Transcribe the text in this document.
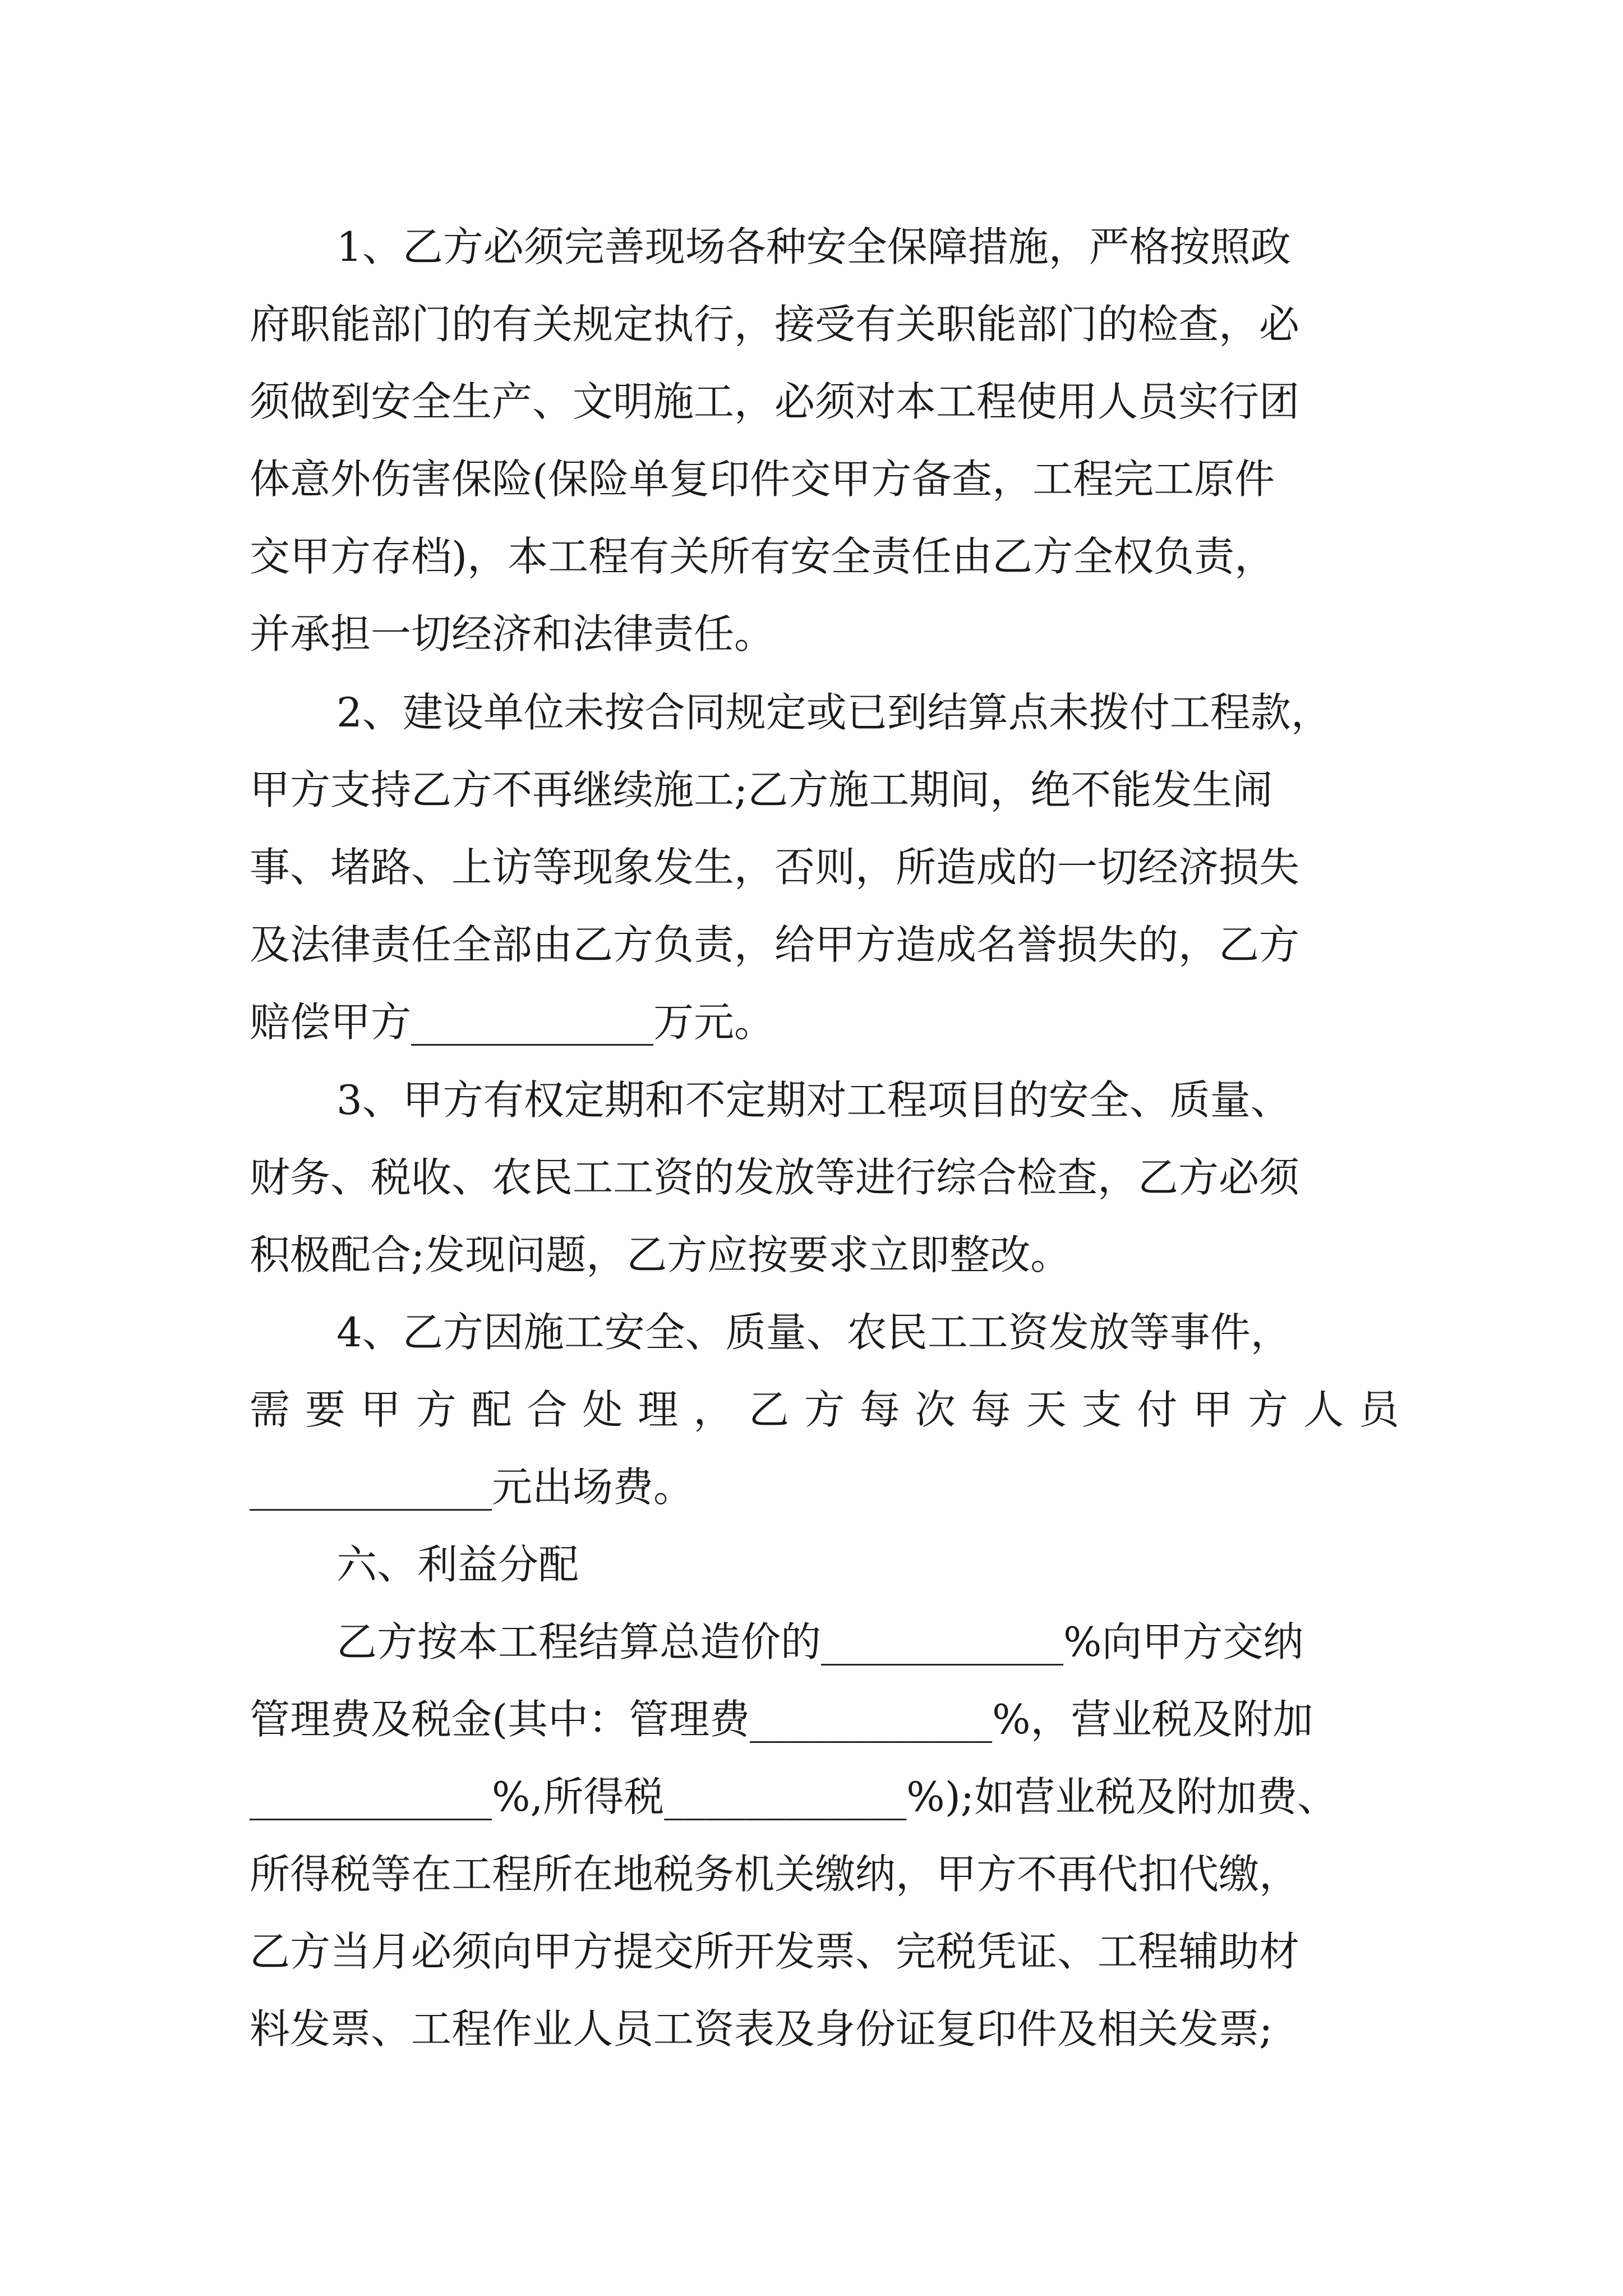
1、乙方必须完善现场各种安全保障措施，严格按照政
府职能部门的有关规定执行，接受有关职能部门的检查，必
须做到安全生产、文明施工，必须对本工程使用人员实行团
体意外伤害保险(保险单复印件交甲方备查，工程完工原件
交甲方存档)，本工程有关所有安全责任由乙方全权负责，
并承担一切经济和法律责任。
2、建设单位未按合同规定或已到结算点未拨付工程款，
甲方支持乙方不再继续施工;乙方施工期间，绝不能发生闹
事、堵路、上访等现象发生，否则，所造成的一切经济损失
及法律责任全部由乙方负责，给甲方造成名誉损失的，乙方
赔偿甲方____________万元。
3、甲方有权定期和不定期对工程项目的安全、质量、
财务、税收、农民工工资的发放等进行综合检查，乙方必须
积极配合;发现问题，乙方应按要求立即整改。
4、乙方因施工安全、质量、农民工工资发放等事件，
需要甲方配合处理，乙方每次每天支付甲方人员
____________元出场费。
六、利益分配
乙方按本工程结算总造价的____________%向甲方交纳
管理费及税金(其中：管理费____________%，营业税及附加
____________%,所得税____________%);如营业税及附加费、
所得税等在工程所在地税务机关缴纳，甲方不再代扣代缴，
乙方当月必须向甲方提交所开发票、完税凭证、工程辅助材
料发票、工程作业人员工资表及身份证复印件及相关发票;
